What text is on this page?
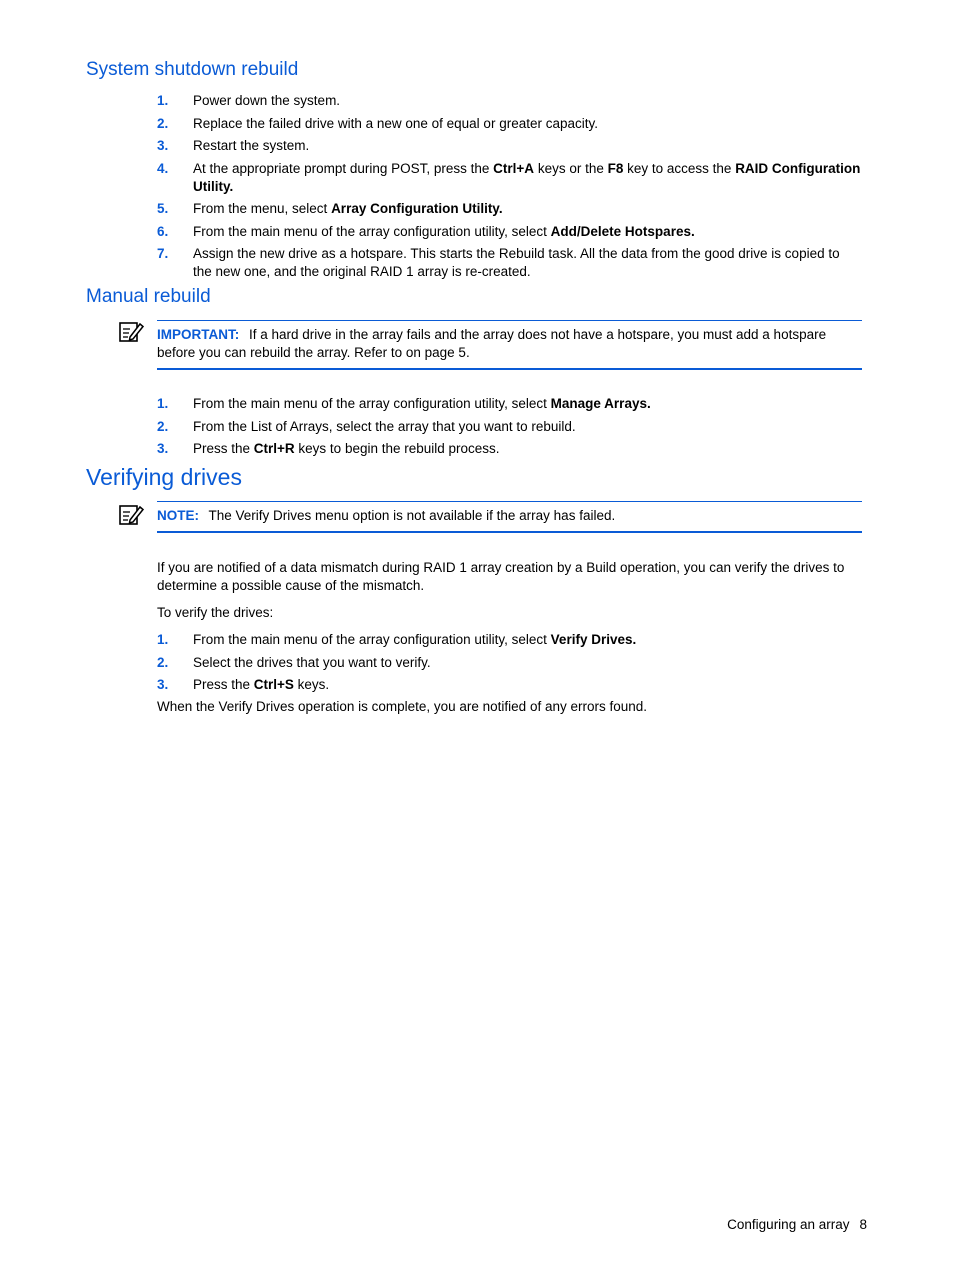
System shutdown rebuild
1. Power down the system.
2. Replace the failed drive with a new one of equal or greater capacity.
3. Restart the system.
4. At the appropriate prompt during POST, press the Ctrl+A keys or the F8 key to access the RAID Configuration Utility.
5. From the menu, select Array Configuration Utility.
6. From the main menu of the array configuration utility, select Add/Delete Hotspares.
7. Assign the new drive as a hotspare. This starts the Rebuild task. All the data from the good drive is copied to the new one, and the original RAID 1 array is re-created.
Manual rebuild
IMPORTANT: If a hard drive in the array fails and the array does not have a hotspare, you must add a hotspare before you can rebuild the array. Refer to on page 5.
1. From the main menu of the array configuration utility, select Manage Arrays.
2. From the List of Arrays, select the array that you want to rebuild.
3. Press the Ctrl+R keys to begin the rebuild process.
Verifying drives
NOTE: The Verify Drives menu option is not available if the array has failed.

If you are notified of a data mismatch during RAID 1 array creation by a Build operation, you can verify the drives to determine a possible cause of the mismatch.

To verify the drives:

1. From the main menu of the array configuration utility, select Verify Drives.
2. Select the drives that you want to verify.
3. Press the Ctrl+S keys.

When the Verify Drives operation is complete, you are notified of any errors found.

Configuring an array 8
